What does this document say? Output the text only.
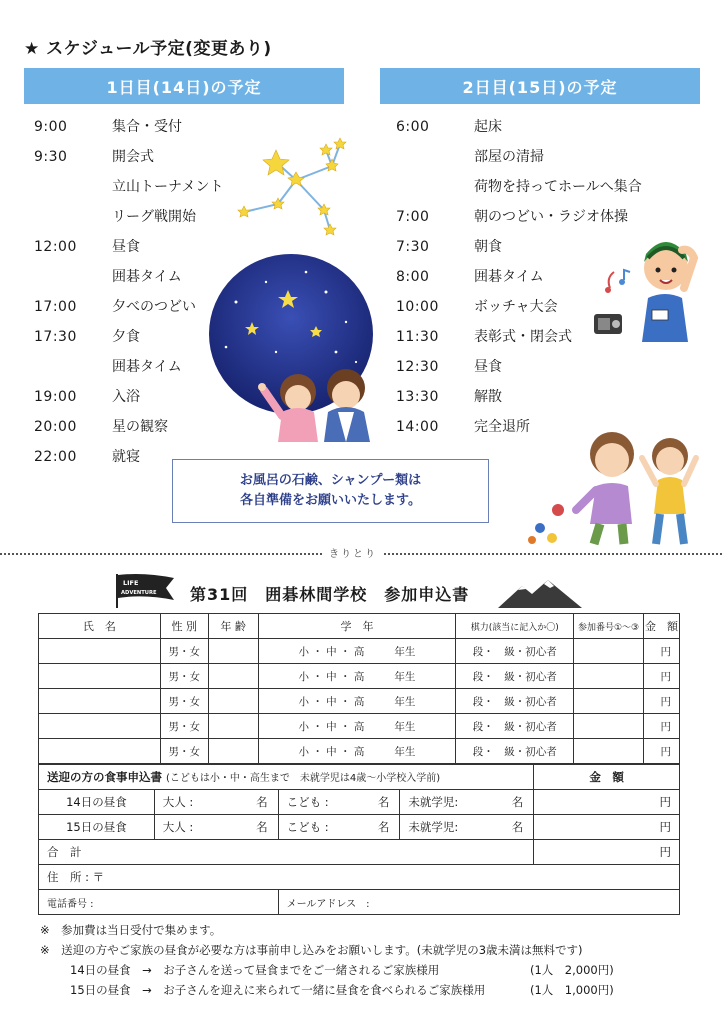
★ スケジュール予定(変更あり)
1日目(14日)の予定	2日目(15日)の予定
9:00	集合・受付
9:30	開会式
立山トーナメント
リーグ戦開始
12:00	昼食
囲碁タイム
17:00	夕べのつどい
17:30	夕食
囲碁タイム
19:00	入浴
20:00	星の観察
22:00	就寝
6:00	起床
部屋の清掃
荷物を持ってホールへ集合
7:00	朝のつどい・ラジオ体操
7:30	朝食
8:00	囲碁タイム
10:00	ボッチャ大会
11:30	表彰式・閉会式
12:30	昼食
13:30	解散
14:00	完全退所
お風呂の石鹸、シャンプー類は
各自準備をお願いいたします。
きりとり
LIFE
ADVENTURE 第31回　囲碁林間学校　参加申込書
氏　名	性 別	年 齢	学　年	棋力(該当に記入か〇)	参加番号①〜③	金　額
	男・女		小 ・ 中 ・ 高 年生	段・　級・初心者		円
	男・女		小 ・ 中 ・ 高 年生	段・　級・初心者		円
	男・女		小 ・ 中 ・ 高 年生	段・　級・初心者		円
	男・女		小 ・ 中 ・ 高 年生	段・　級・初心者		円
	男・女		小 ・ 中 ・ 高 年生	段・　級・初心者		円
送迎の方の食事申込書 (こどもは小・中・高生まで　未就学児は4歳〜小学校入学前)				金　額
14日の昼食	大人 : 名	こども : 名	未就学児: 名	円
15日の昼食	大人 : 名	こども : 名	未就学児: 名	円
合　計				円
住　所 : 〒				
電話番号 :		メールアドレス　:		
※　参加費は当日受付で集めます。
※　送迎の方やご家族の昼食が必要な方は事前申し込みをお願いします。(未就学児の3歳未満は無料です)
14日の昼食　→　お子さんを送って昼食までをご一緒されるご家族様用	(1人　2,000円)
15日の昼食　→　お子さんを迎えに来られて一緒に昼食を食べられるご家族様用	(1人　1,000円)
